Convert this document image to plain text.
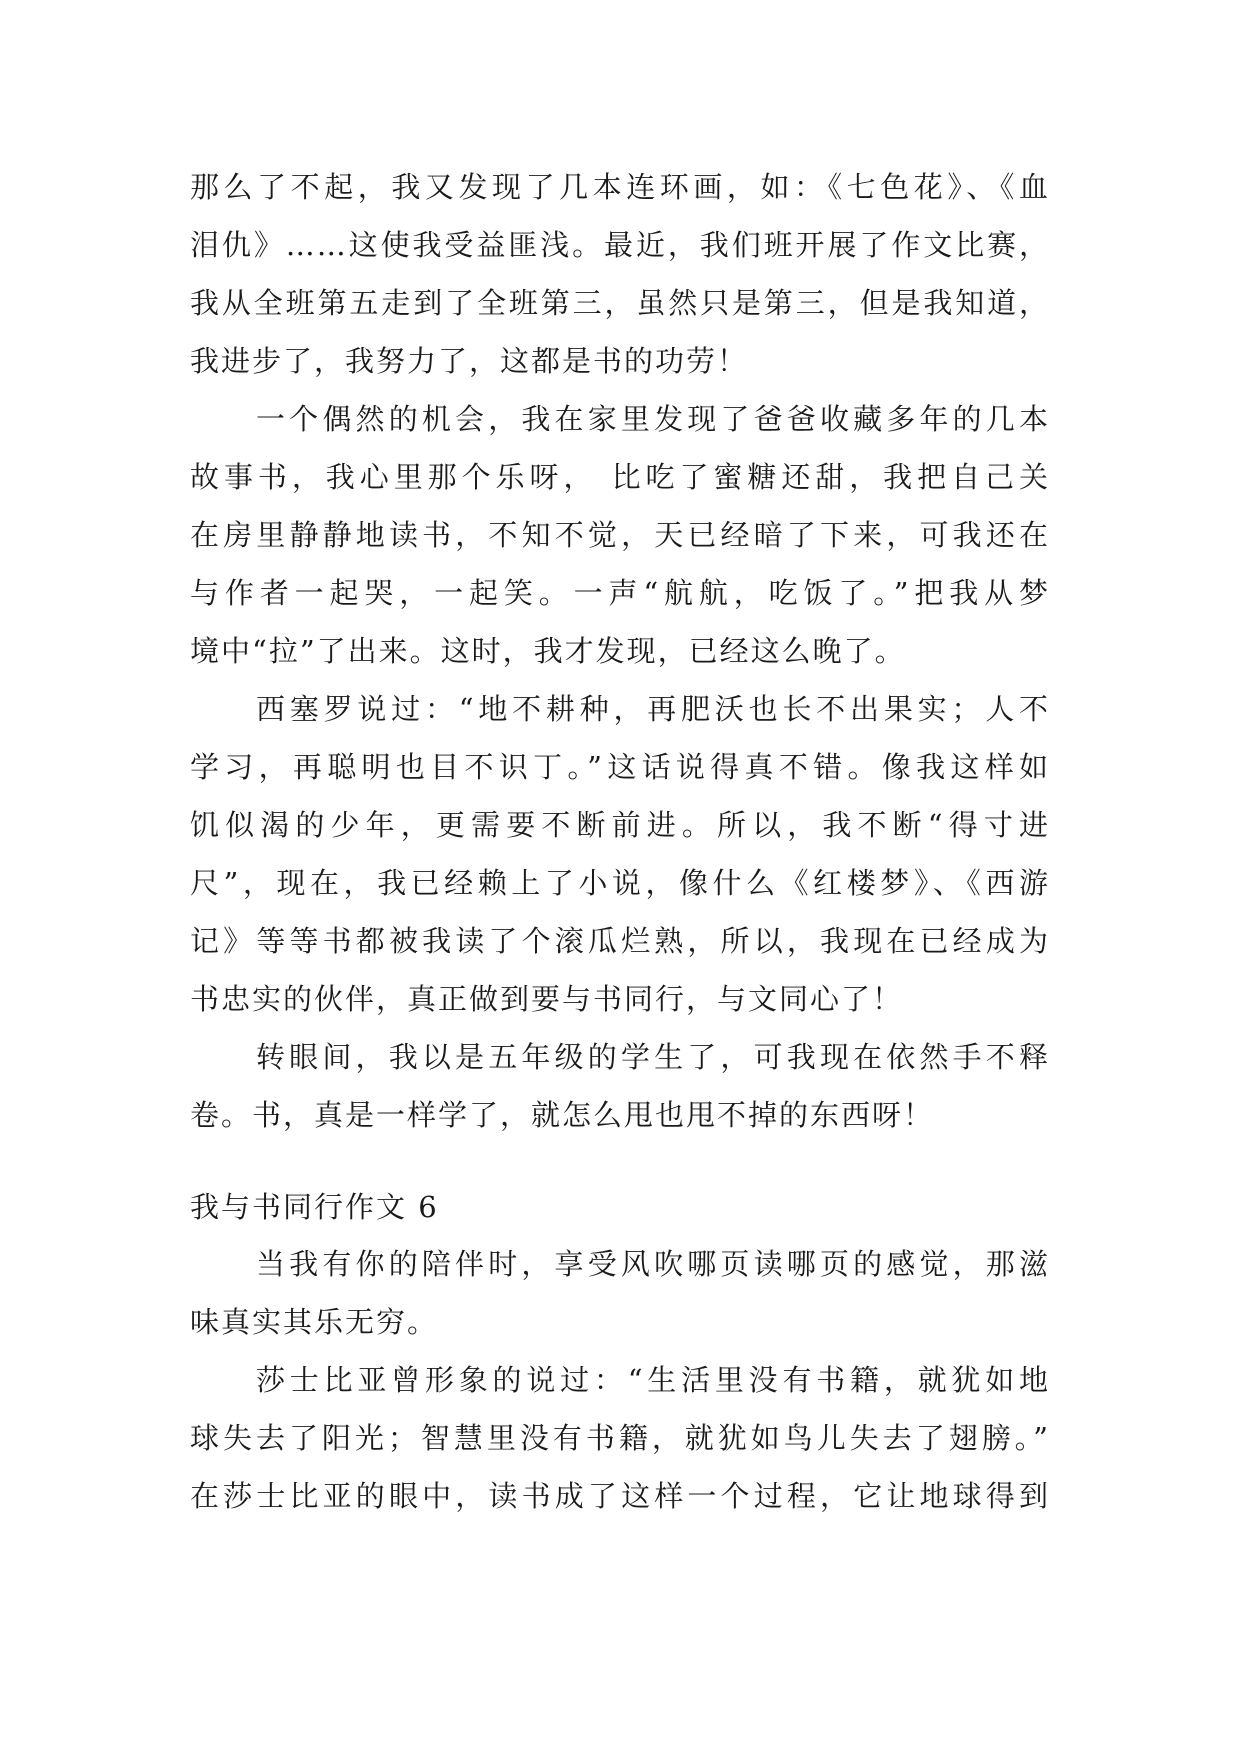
那么了不起，我又发现了几本连环画，如：《七色花》、《血
泪仇》……这使我受益匪浅。最近，我们班开展了作文比赛，
我从全班第五走到了全班第三，虽然只是第三，但是我知道，
我进步了，我努力了，这都是书的功劳！
一个偶然的机会，我在家里发现了爸爸收藏多年的几本
故事书，我心里那个乐呀， 比吃了蜜糖还甜，我把自己关
在房里静静地读书，不知不觉，天已经暗了下来，可我还在
与作者一起哭，一起笑。一声“航航，吃饭了。”把我从梦
境中“拉”了出来。这时，我才发现，已经这么晚了。
西塞罗说过：“地不耕种，再肥沃也长不出果实；人不
学习，再聪明也目不识丁。”这话说得真不错。像我这样如
饥似渴的少年，更需要不断前进。所以，我不断“得寸进
尺”，现在，我已经赖上了小说，像什么《红楼梦》、《西游
记》等等书都被我读了个滚瓜烂熟，所以，我现在已经成为
书忠实的伙伴，真正做到要与书同行，与文同心了！
转眼间，我以是五年级的学生了，可我现在依然手不释
卷。书，真是一样学了，就怎么甩也甩不掉的东西呀！
我与书同行作文 6
当我有你的陪伴时，享受风吹哪页读哪页的感觉，那滋
味真实其乐无穷。
莎士比亚曾形象的说过：“生活里没有书籍，就犹如地
球失去了阳光；智慧里没有书籍，就犹如鸟儿失去了翅膀。”
在莎士比亚的眼中，读书成了这样一个过程，它让地球得到
